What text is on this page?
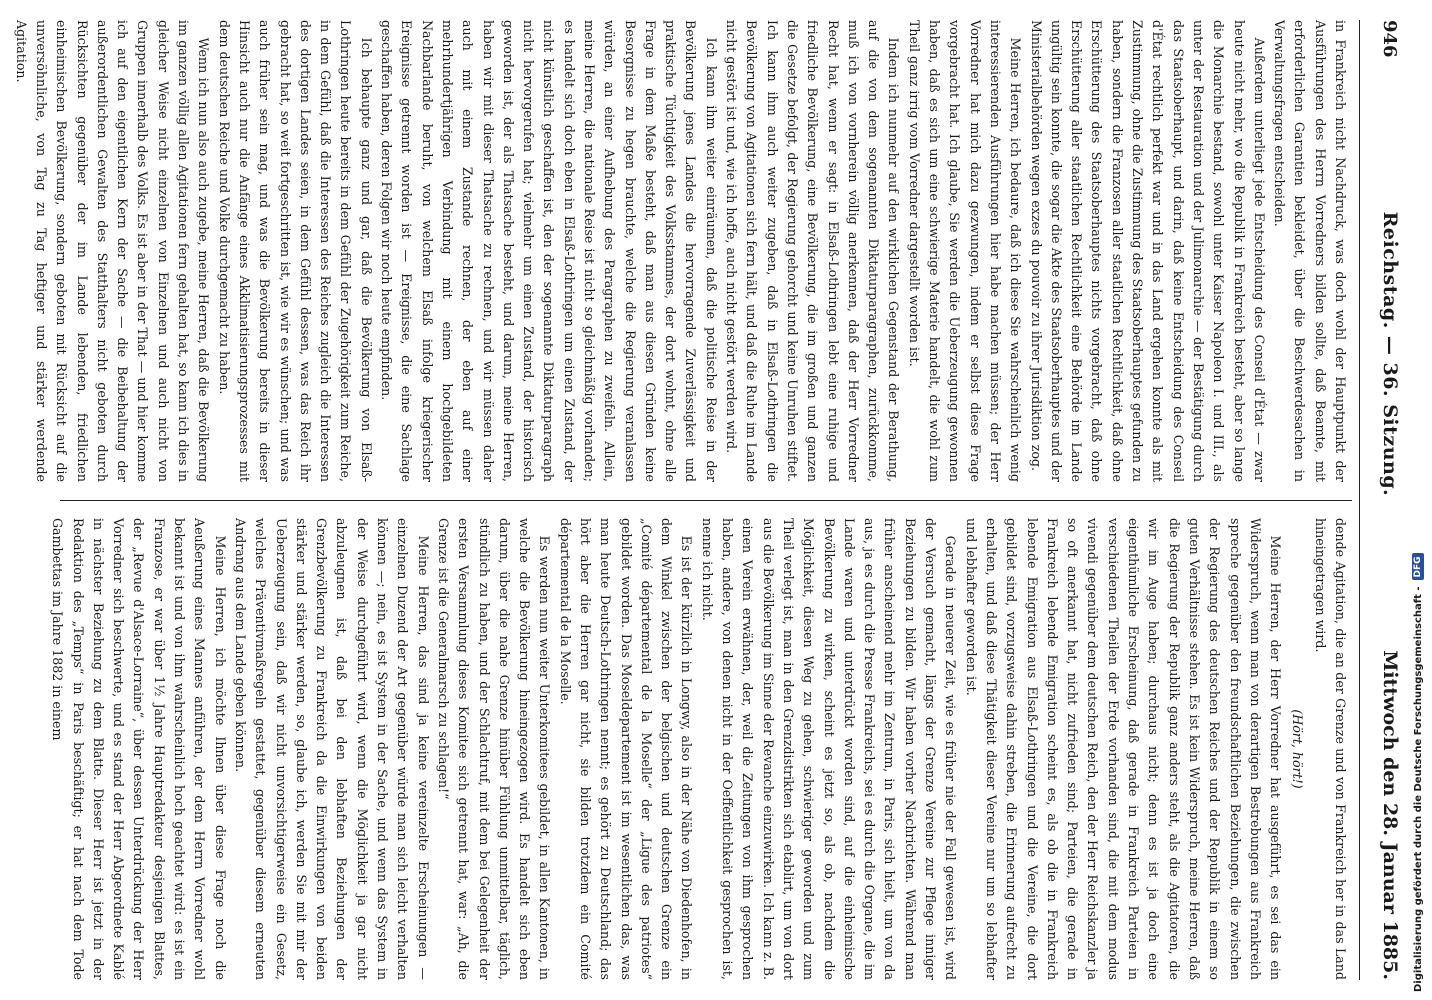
946
Reichstag. — 36. Sitzung.
Mittwoch den 28. Januar 1885.

in Frankreich nicht Nachdruck, was doch wohl der Hauptpunkt der Ausführungen des Herrn Vorredners bilden sollte, daß Beamte, mit erforderlichen Garantien bekleidet, über die Beschwerdesachen in Verwaltungsfragen entscheiden.

Außerdem unterliegt jede Entscheidung des Conseil d'État — zwar heute nicht mehr, wo die Republik in Frankreich besteht, aber so lange die Monarchie bestand, sowohl unter Kaiser Napoleon I. und III., als unter der Restauration und der Julimonarchie — der Bestätigung durch das Staatsoberhaupt, und darin, daß keine Entscheidung des Conseil d'État rechtlich perfekt war und in das Land ergehen konnte als mit Zustimmung, ohne die Zustimmung des Staatsoberhauptes gefunden zu haben, sondern die Franzosen aller staatlichen Rechtlichkeit, daß ohne Erschütterung des Staatsoberhauptes nichts vorgebracht, daß ohne Erschütterung aller staatlichen Rechtlichkeit eine Behörde im Lande ungültig sein konnte, die sogar die Akte des Staatsoberhauptes und der Ministerialbehörden wegen exzes du pouvoir zu ihrer Jurisdiktion zog.

Meine Herren, ich bedaure, daß ich diese Sie wahrscheinlich wenig interessierenden Ausführungen hier habe machen müssen; der Herr Vorredner hat mich dazu gezwungen, indem er selbst diese Frage vorgebracht hat. Ich glaube, Sie werden die Ueberzeugung gewonnen haben, daß es sich um eine schwierige Materie handelt, die wohl zum Theil ganz irrig vom Vorredner dargestellt worden ist.

Indem ich nunmehr auf den wirklichen Gegenstand der Berathung, auf die von dem sogenannten Diktaturparagraphen, zurückkomme, muß ich von vornherein völlig anerkennen, daß der Herr Vorredner Recht hat, wenn er sagt: in Elsaß-Lothringen lebt eine ruhige und friedliche Bevölkerung, eine Bevölkerung, die im großen und ganzen die Gesetze befolgt, der Regierung gehorcht und keine Unruhen stiftet. Ich kann ihm auch weiter zugeben, daß in Elsaß-Lothringen die Bevölkerung von Agitationen sich fern hält, und daß die Ruhe im Lande nicht gestört ist und, wie ich hoffe, auch nicht gestört werden wird.

Ich kann ihm weiter einräumen, daß die politische Reise in der Bevölkerung jenes Landes die hervorragende Zuverlässigkeit und praktische Tüchtigkeit des Volksstammes, der dort wohnt, ohne alle Frage in dem Maße besteht, daß man aus diesen Gründen keine Besorgnisse zu hegen brauchte, welche die Regierung veranlassen würden, an einer Aufhebung des Paragraphen zu zweifeln. Allein, meine Herren, die nationale Reise ist nicht so gleichmäßig vorhanden; es handelt sich doch eben in Elsaß-Lothringen um einen Zustand, der nicht künstlich geschaffen ist, den der sogenannte Diktaturparagraph nicht hervorgerufen hat; vielmehr um einen Zustand, der historisch geworden ist, der als Thatsache besteht, und darum, meine Herren, haben wir mit dieser Thatsache zu rechnen, und wir müssen daher auch mit einem Zustande rechnen, der eben auf einer mehrhundertjährigen Verbindung mit einem hochgebildeten Nachbarlande beruht, von welchem Elsaß infolge kriegerischer Ereignisse getrennt worden ist — Ereignisse, die eine Sachlage geschaffen haben, deren Folgen wir noch heute empfinden.

Ich behaupte ganz und gar, daß die Bevölkerung von Elsaß-Lothringen heute bereits in dem Gefühl der Zugehörigkeit zum Reiche, in dem Gefühl, daß die Interessen des Reiches zugleich die Interessen des dortigen Landes seien, in dem Gefühl dessen, was das Reich ihr gebracht hat, so weit fortgeschritten ist, wie wir es wünschen; und was auch früher sein mag, und was die Bevölkerung bereits in dieser Hinsicht auch nur die Anfänge eines Akklimatisierungsprozesses mit dem deutschen Reiche und Volke durchgemacht zu haben.

Wenn ich nun also auch zugebe, meine Herren, daß die Bevölkerung im ganzen völlig allen Agitationen fern gehalten hat, so kann ich dies in gleicher Weise nicht einzelnen von Einzelnen und auch nicht von Gruppen innerhalb des Volks. Es ist aber in der That — und hier komme ich auf den eigentlichen Kern der Sache — die Beibehaltung der außerordentlichen Gewalten des Statthalters nicht geboten durch Rücksichten gegenüber der im Lande lebenden, friedlichen einheimischen Bevölkerung, sondern geboten mit Rücksicht auf die unversöhnliche, von Tag zu Tag heftiger und stärker werdende Agitation.

dende Agitation, die an der Grenze und von Frankreich her in das Land hineingetragen wird.

(Hört, hört!)

Meine Herren, der Herr Vorredner hat ausgeführt, es sei das ein Widerspruch, wenn man von derartigen Bestrebungen aus Frankreich spreche gegenüber den freundschaftlichen Beziehungen, die zwischen der Regierung des deutschen Reiches und der Republik in einem so guten Verhältnisse stehen. Es ist kein Widerspruch, meine Herren, daß die Regierung der Republik ganz anders steht, als die Agitatoren, die wir im Auge haben; durchaus nicht; denn es ist ja doch eine eigenthümliche Erscheinung, daß gerade in Frankreich Parteien in verschiedenen Theilen der Erde vorhanden sind, die mit dem modus vivendi gegenüber dem deutschen Reich, den der Herr Reichskanzler ja so oft anerkannt hat, nicht zufrieden sind; Parteien, die gerade in Frankreich lebende Emigration scheint es, als ob die in Frankreich lebende Emigration aus Elsaß-Lothringen und die Vereine, die dort gebildet sind, vorzugsweise dahin streben, die Erinnerung aufrecht zu erhalten, und daß diese Thätigkeit dieser Vereine nur um so lebhafter und lebhafter geworden ist.

Gerade in neuerer Zeit, wie es früher nie der Fall gewesen ist, wird der Versuch gemacht, längs der Grenze Vereine zur Pflege inniger Beziehungen zu bilden. Wir haben vorher Nachrichten. Während man früher anscheinend mehr im Zentrum, in Paris, sich hielt, um von da aus, ja es durch die Presse Frankreichs, sei es durch die Organe, die im Lande waren und unterdrückt worden sind, auf die einheimische Bevölkerung zu wirken, scheint es jetzt so, als ob, nachdem die Möglichkeit, diesen Weg zu gehen, schwieriger geworden und zum Theil verlegt ist, man in den Grenzdistrikten sich etablirt, um von dort aus die Bevölkerung im Sinne der Revanche einzuwirken. Ich kann z. B. einen Verein erwähnen, der, weil die Zeitungen von ihm gesprochen haben, andere, von denen nicht in der Oeffentlichkeit gesprochen ist, nenne ich nicht.

Es ist der kürzlich in Longwy, also in der Nähe von Diedenhofen, in dem Winkel zwischen der belgischen und deutschen Grenze ein „Comité départemental de la Moselle“ der „Ligue des patriotes“ gebildet worden. Das Moseldepartement ist im wesentlichen das, was man heute Deutsch-Lothringen nennt; es gehört zu Deutschland; das hört aber die Herren gar nicht, sie bilden trotzdem ein Comité départemental de la Moselle.

Es werden nun weiter Unterkomitees gebildet, in allen Kantonen, in welche die Bevölkerung hineingezogen wird. Es handelt sich eben darum, über die nahe Grenze hinüber Fühlung unmittelbar, täglich, stündlich zu haben, und der Schlachtruf, mit dem bei Gelegenheit der ersten Versammlung dieses Komitee sich getrennt hat, war: „Ah, die Grenze ist die Generalmarsch zu schlagen!“

Meine Herren, das sind ja keine vereinzelte Erscheinungen — einzelnen Duzend der Art gegenüber würde man sich leicht verhalten können —; nein, es ist System in der Sache, und wenn das System in der Weise durchgeführt wird, wenn die Möglichkeit ja gar nicht abzuleugnen ist, daß bei den lebhaften Beziehungen der Grenzbevölkerung zu Frankreich da die Einwirkungen von beiden stärker und stärker werden, so, glaube ich, werden Sie mit mir der Ueberzeugung sein, daß wir nicht unvorsichtigerweise ein Gesetz, welches Präventivmaßregeln gestattet, gegenüber diesem erneuten Andrang aus dem Lande geben können.

Meine Herren, ich möchte Ihnen über diese Frage noch die Aeußerung eines Mannes anführen, der dem Herrn Vorredner wohl bekannt ist und von ihm wahrscheinlich hoch geachtet wird: es ist ein Franzose, er war über 1½ Jahre Hauptredakteur desjenigen Blattes, der „Revue d'Alsace-Lorraine“, über dessen Unterdrückung der Herr Vorredner sich beschwerte, und es stand der Herr Abgeordnete Kablé in nächster Beziehung zu dem Blatte. Dieser Herr ist jetzt in der Redaktion des „Temps“ in Paris beschäftigt; er hat nach dem Tode Gambettas im Jahre 1882 in einem	Digitalisierung gefördert durch die Deutsche Forschungsgemeinschaft -
DFG
